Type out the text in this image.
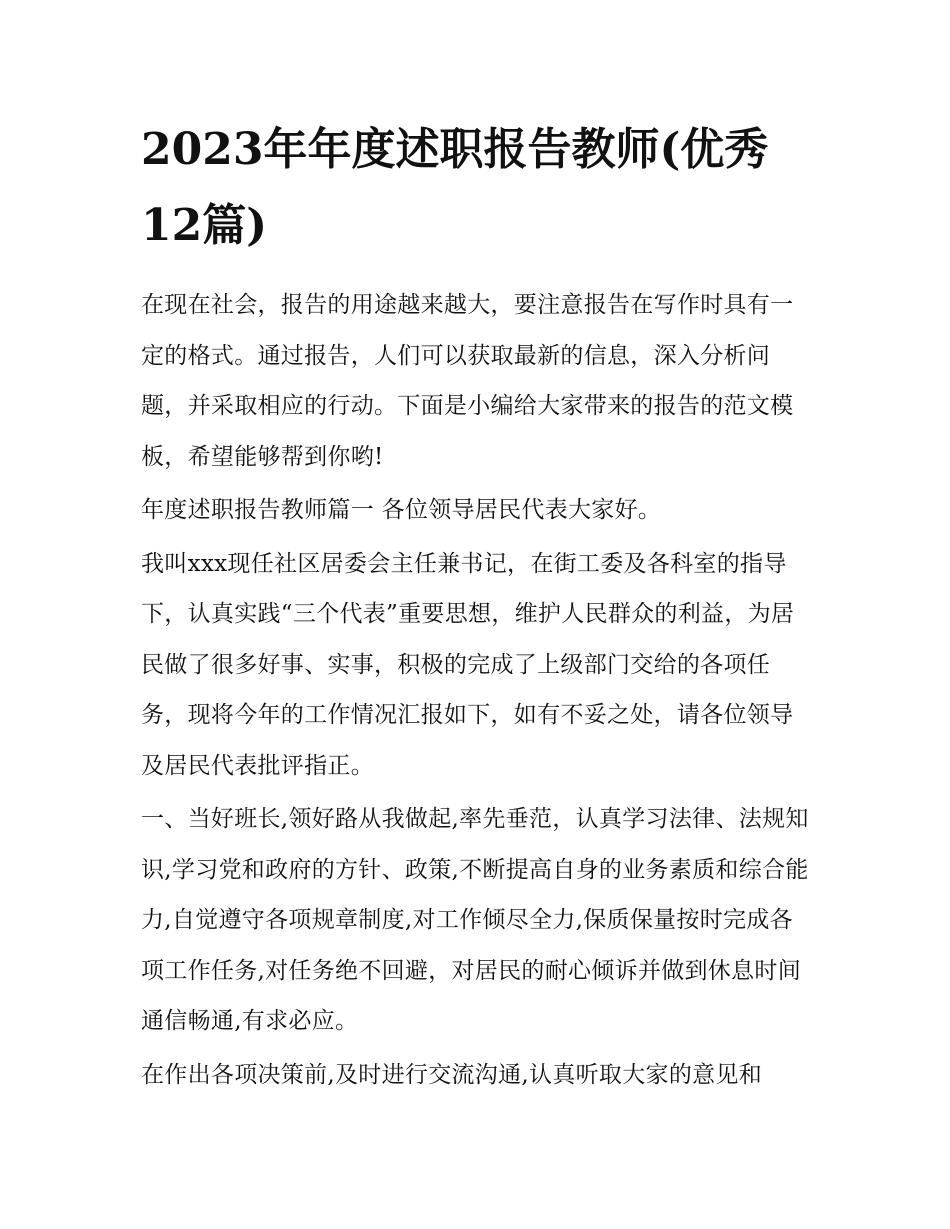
2023年年度述职报告教师(优秀12篇)

在现在社会，报告的用途越来越大，要注意报告在写作时具有一定的格式。通过报告，人们可以获取最新的信息，深入分析问题，并采取相应的行动。下面是小编给大家带来的报告的范文模板，希望能够帮到你哟!

年度述职报告教师篇一 各位领导居民代表大家好。

我叫xxx现任社区居委会主任兼书记，在街工委及各科室的指导下，认真实践“三个代表”重要思想，维护人民群众的利益，为居民做了很多好事、实事，积极的完成了上级部门交给的各项任务，现将今年的工作情况汇报如下，如有不妥之处，请各位领导及居民代表批评指正。

一、当好班长,领好路从我做起,率先垂范，认真学习法律、法规知识,学习党和政府的方针、政策,不断提高自身的业务素质和综合能力,自觉遵守各项规章制度,对工作倾尽全力,保质保量按时完成各项工作任务,对任务绝不回避，对居民的耐心倾诉并做到休息时间通信畅通,有求必应。

在作出各项决策前,及时进行交流沟通,认真听取大家的意见和
